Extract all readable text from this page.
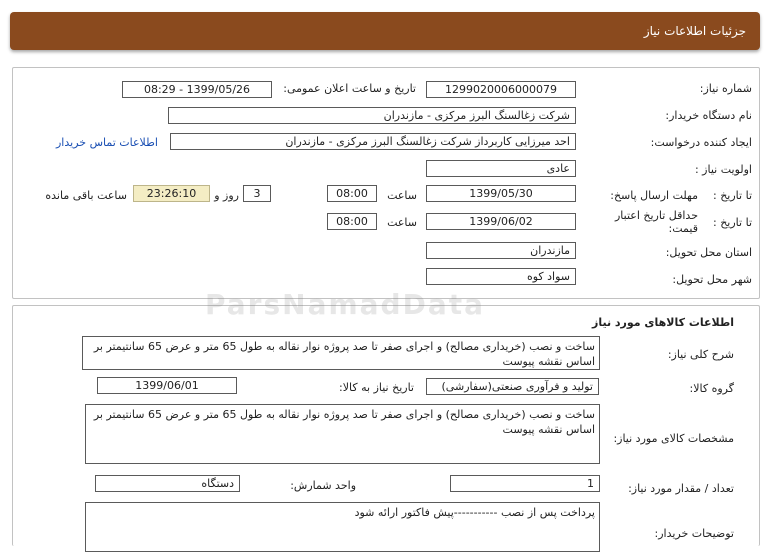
جزئیات اطلاعات نیاز
شماره نیاز:
1299020006000079
تاریخ و ساعت اعلان عمومی:
1399/05/26 - 08:29
نام دستگاه خریدار:
شرکت زغالسنگ البرز مرکزی - مازندران
ایجاد کننده درخواست:
احد میرزایی کاربرداز شرکت زغالسنگ البرز مرکزی - مازندران
اطلاعات تماس خریدار
اولویت نیاز :
عادی
مهلت ارسال پاسخ: تا تاریخ :
1399/05/30
ساعت
08:00
3
روز و
23:26:10
ساعت باقی مانده
حداقل تاریخ اعتبار قیمت: تا تاریخ :
1399/06/02
ساعت
08:00
استان محل تحویل:
مازندران
شهر محل تحویل:
سواد کوه
اطلاعات کالاهای مورد نیاز
شرح کلی نیاز:
ساخت و نصب (خریداری مصالح) و اجرای صفر تا صد پروژه نوار نقاله به طول 65 متر و عرض 65 سانتیمتر بر اساس نقشه پیوست
گروه کالا:
تولید و فرآوری صنعتی(سفارشی)
تاریخ نیاز به کالا:
1399/06/01
مشخصات کالای مورد نیاز:
ساخت و نصب (خریداری مصالح) و اجرای صفر تا صد پروژه نوار نقاله به طول 65 متر و عرض 65 سانتیمتر بر اساس نقشه پیوست
تعداد / مقدار مورد نیاز:
1
واحد شمارش:
دستگاه
توضیحات خریدار:
پرداخت پس از نصب -----------پیش فاکتور ارائه شود
